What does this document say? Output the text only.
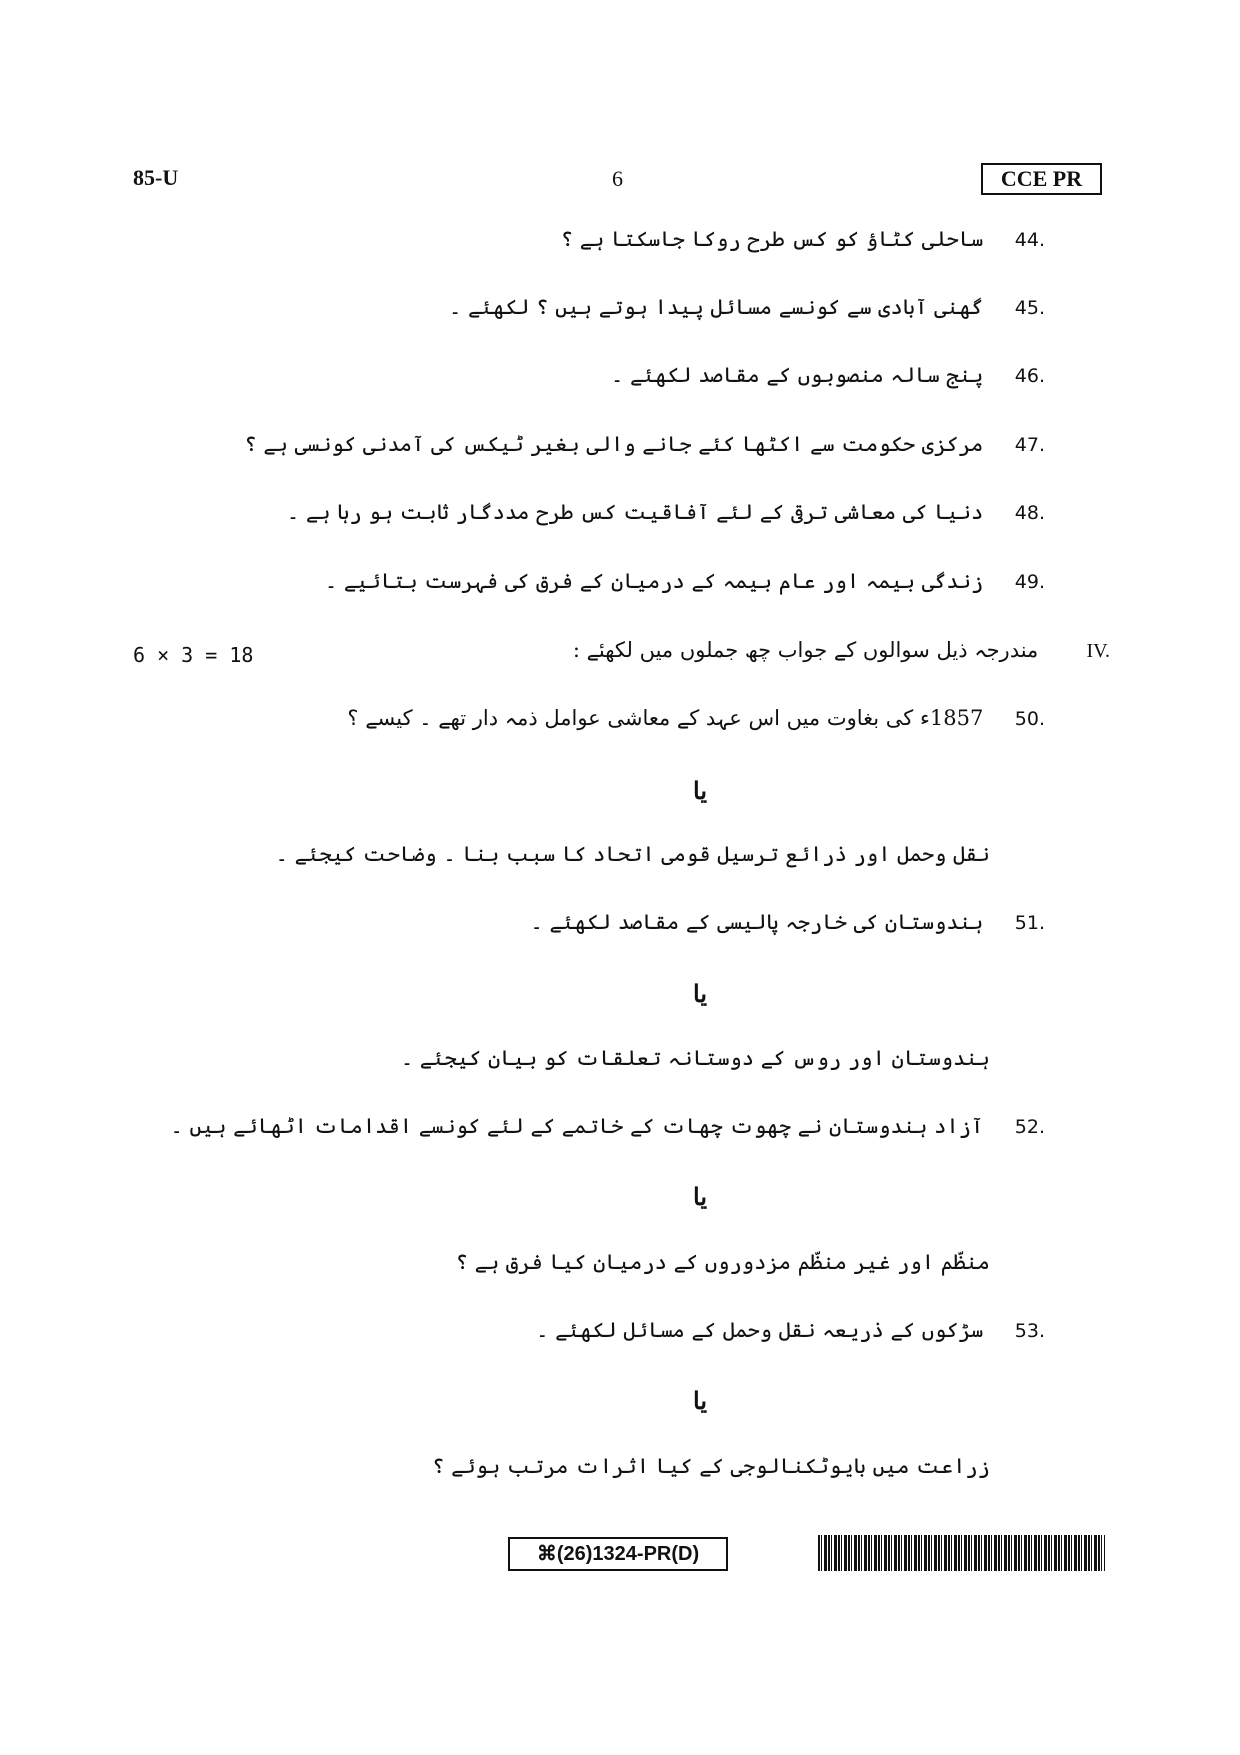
85-U	6	CCE PR
44. ساحلی کٹاؤ کو کس طرح روکا جاسکتا ہے ؟
45. گھنی آبادی سے کونسے مسائل پیدا ہوتے ہیں ؟ لکھئے ۔
46. پنج سالہ منصوبوں کے مقاصد لکھئے ۔
47. مرکزی حکومت سے اکٹھا کئے جانے والی بغیر ٹیکس کی آمدنی کونسی ہے ؟
48. دنیا کی معاشی ترقی کے لئے آفاقیت کس طرح مددگار ثابت ہو رہا ہے ۔
49. زندگی بیمہ اور عام بیمہ کے درمیان کے فرق کی فہرست بتائیے ۔
6 × 3 = 18	IV. مندرجہ ذیل سوالوں کے جواب چھ جملوں میں لکھئے :
50. 1857ء کی بغاوت میں اس عہد کے معاشی عوامل ذمہ دار تھے ۔ کیسے ؟
یا
نقل وحمل اور ذرائع ترسیل قومی اتحاد کا سبب بنا ۔ وضاحت کیجئے ۔
51. ہندوستان کی خارجہ پالیسی کے مقاصد لکھئے ۔
یا
ہندوستان اور روس کے دوستانہ تعلقات کو بیان کیجئے ۔
52. آزاد ہندوستان نے چھوت چھات کے خاتمے کے لئے کونسے اقدامات اٹھائے ہیں ۔
یا
منظّم اور غیر منظّم مزدوروں کے درمیان کیا فرق ہے ؟
53. سڑکوں کے ذریعہ نقل وحمل کے مسائل لکھئے ۔
یا
زراعت میں بایوٹکنالوجی کے کیا اثرات مرتب ہوئے ؟
⌘(26)1324-PR(D)
